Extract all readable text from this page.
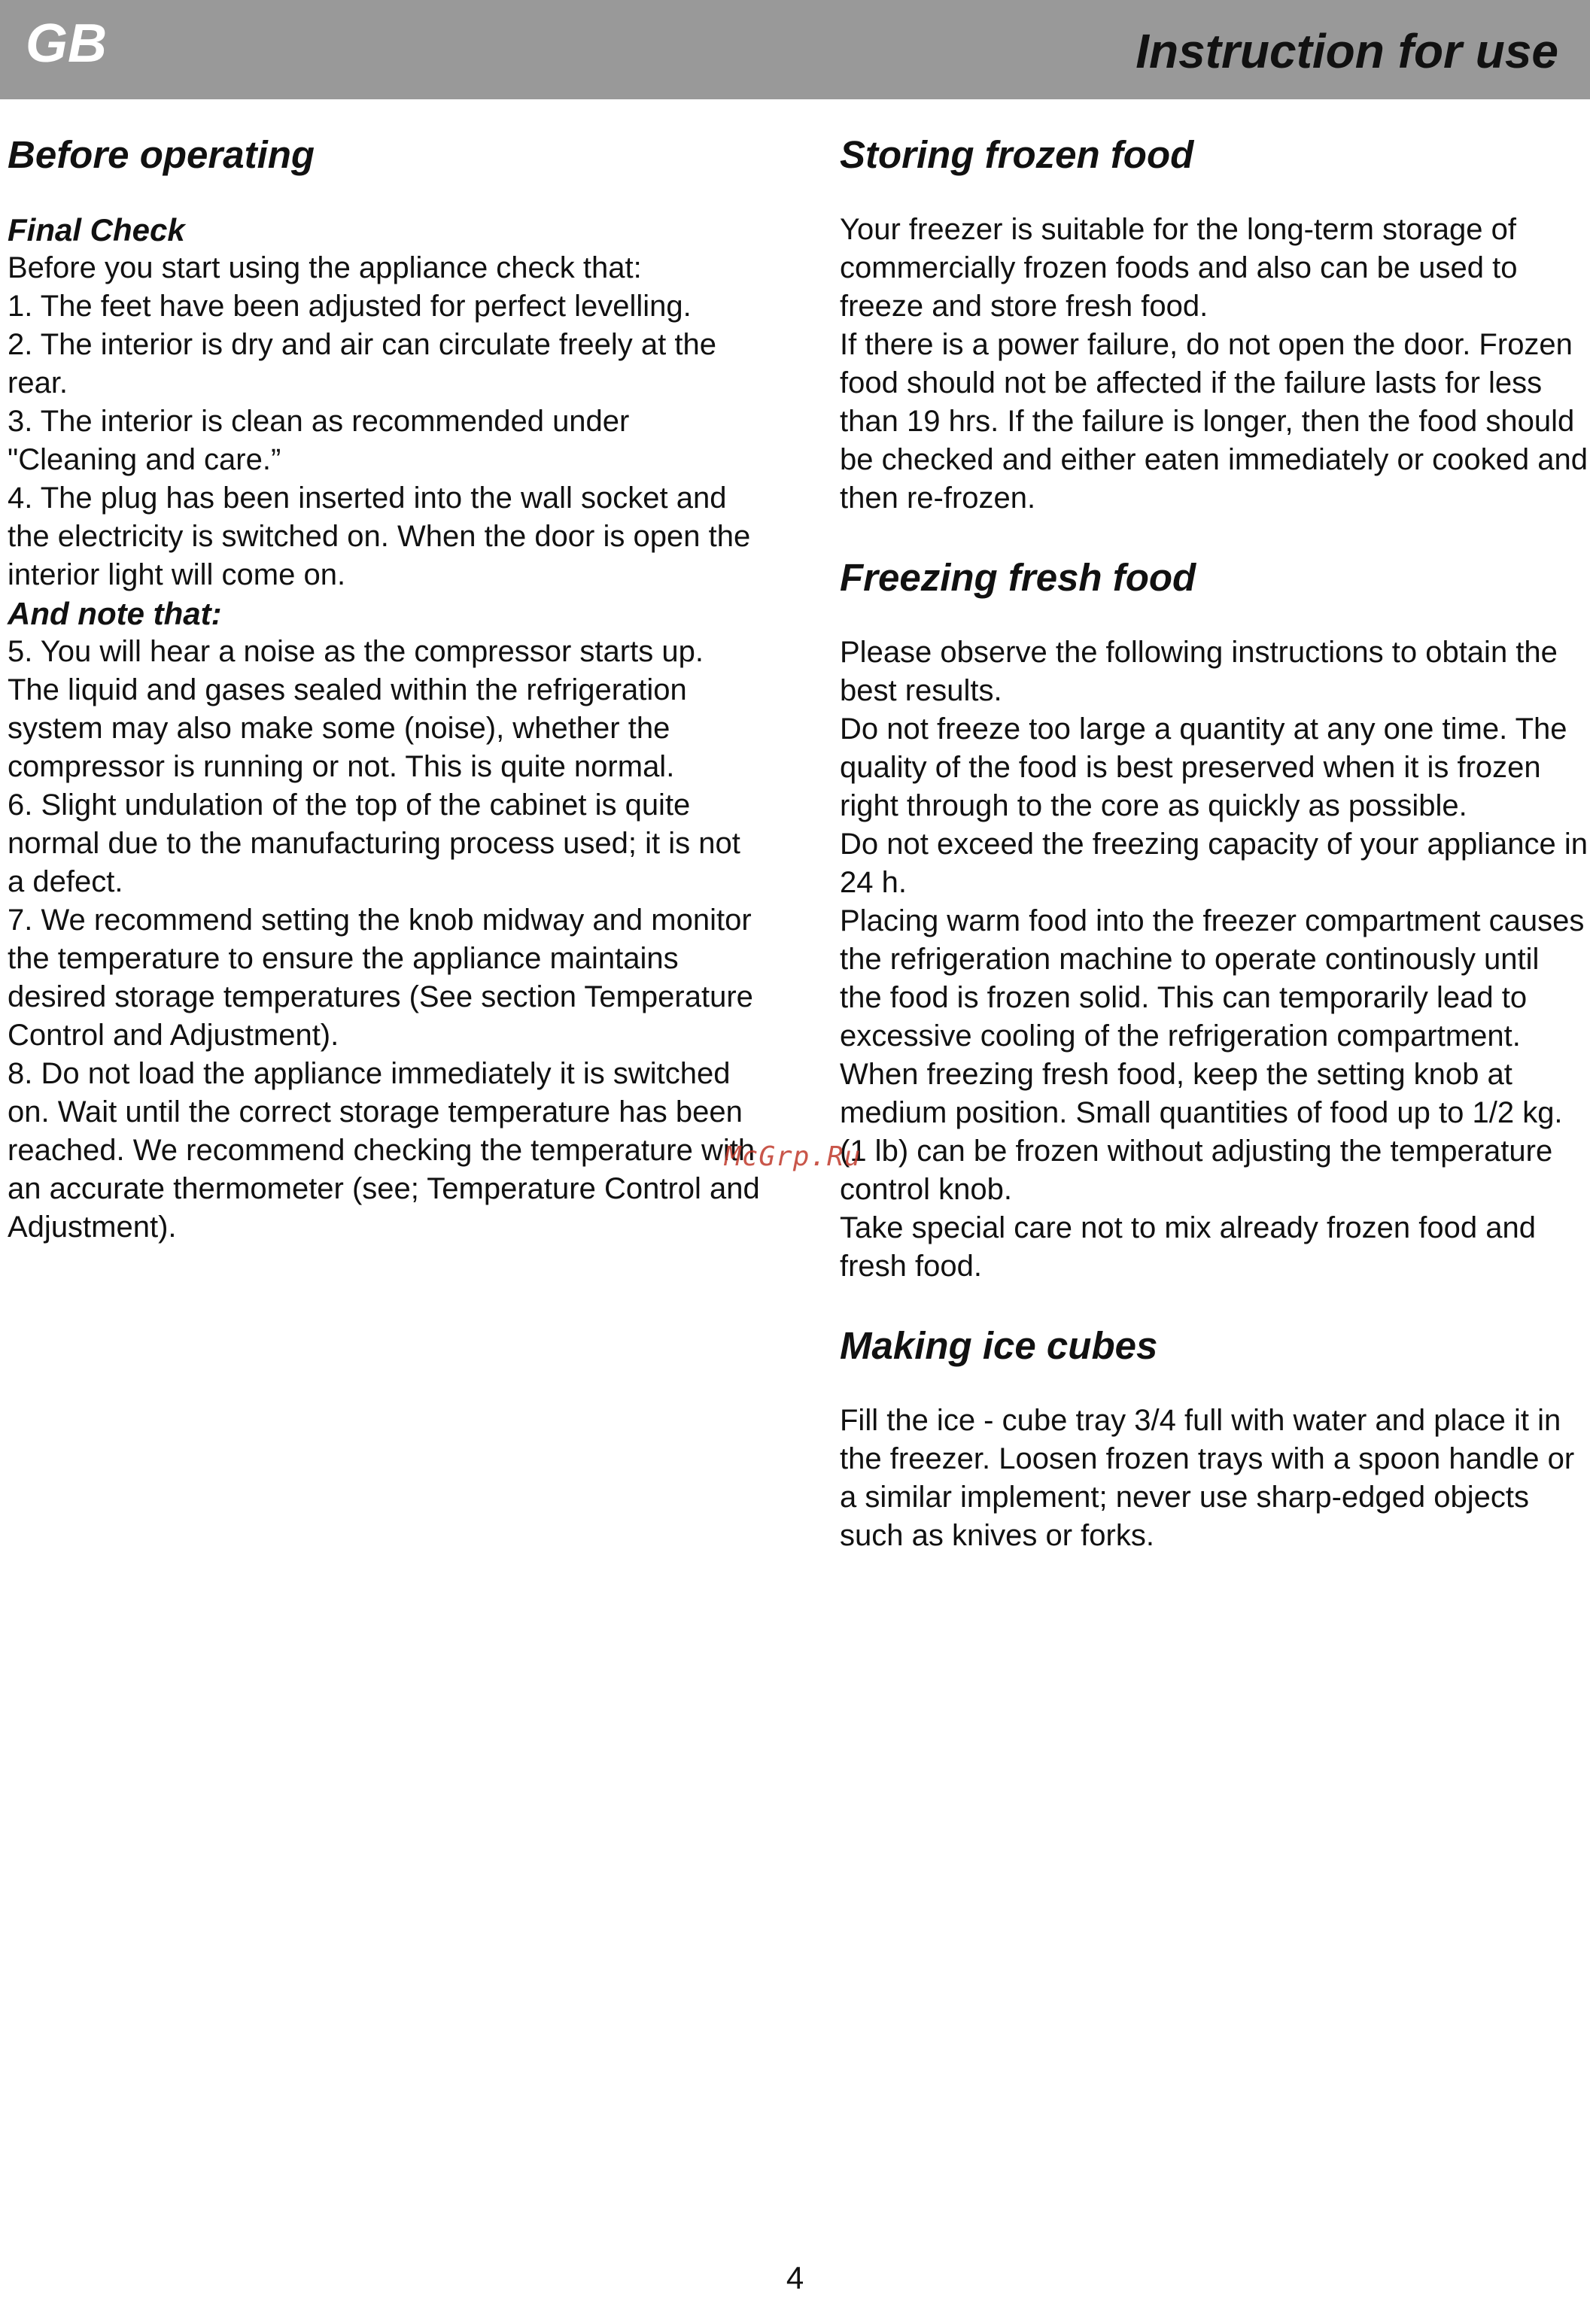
GB	Instruction for use
Before operating
Final Check

Before you start using the appliance check that:

1. The feet have been adjusted for perfect levelling.

2. The interior is dry and air can circulate freely at the rear.

3. The interior is clean as recommended under "Cleaning and care.”

4. The plug has been inserted into the wall socket and the electricity is switched on. When the door is open the interior light will come on.

And note that:

5. You will hear a noise as the compressor starts up. The liquid and gases sealed within the refrigeration system may also make some (noise), whether the compressor is running or not. This is quite normal.

6. Slight undulation of the top of the cabinet is quite normal due to the manufacturing process used; it is not a defect.

7. We recommend setting the knob midway and monitor the temperature to ensure the appliance maintains desired storage temperatures (See section Temperature Control and Adjustment).

8. Do not load the appliance immediately it is switched on. Wait until the correct storage temperature has been reached. We recommend checking the temperature with an accurate thermometer (see; Temperature Control and Adjustment).

Storing frozen food

Your freezer is suitable for the long-term storage of commercially frozen foods and also can be used to freeze and store fresh food.

If there is a power failure, do not open the door. Frozen food should not be affected if the failure lasts for less than 19 hrs. If the failure is longer, then the food should be checked and either eaten immediately or cooked and then re-frozen.

Freezing fresh food

Please observe the following instructions to obtain the best results.

Do not freeze too large a quantity at any one time. The quality of the food is best preserved when it is frozen right through to the core as quickly as possible.

Do not exceed the freezing capacity of your appliance in 24 h.

Placing warm food into the freezer compartment causes the refrigeration machine to operate continously until the food is frozen solid. This can temporarily lead to excessive cooling of the refrigeration compartment.

When freezing fresh food, keep the setting knob at medium position. Small quantities of food up to 1/2 kg. (1 lb) can be frozen without adjusting the temperature control knob.

Take special care not to mix already frozen food and fresh food.

Making ice cubes

Fill the ice - cube tray 3/4 full with water and place it in the freezer. Loosen frozen trays with a spoon handle or a similar implement; never use sharp-edged objects such as knives or forks.

McGrp.Ru
4
